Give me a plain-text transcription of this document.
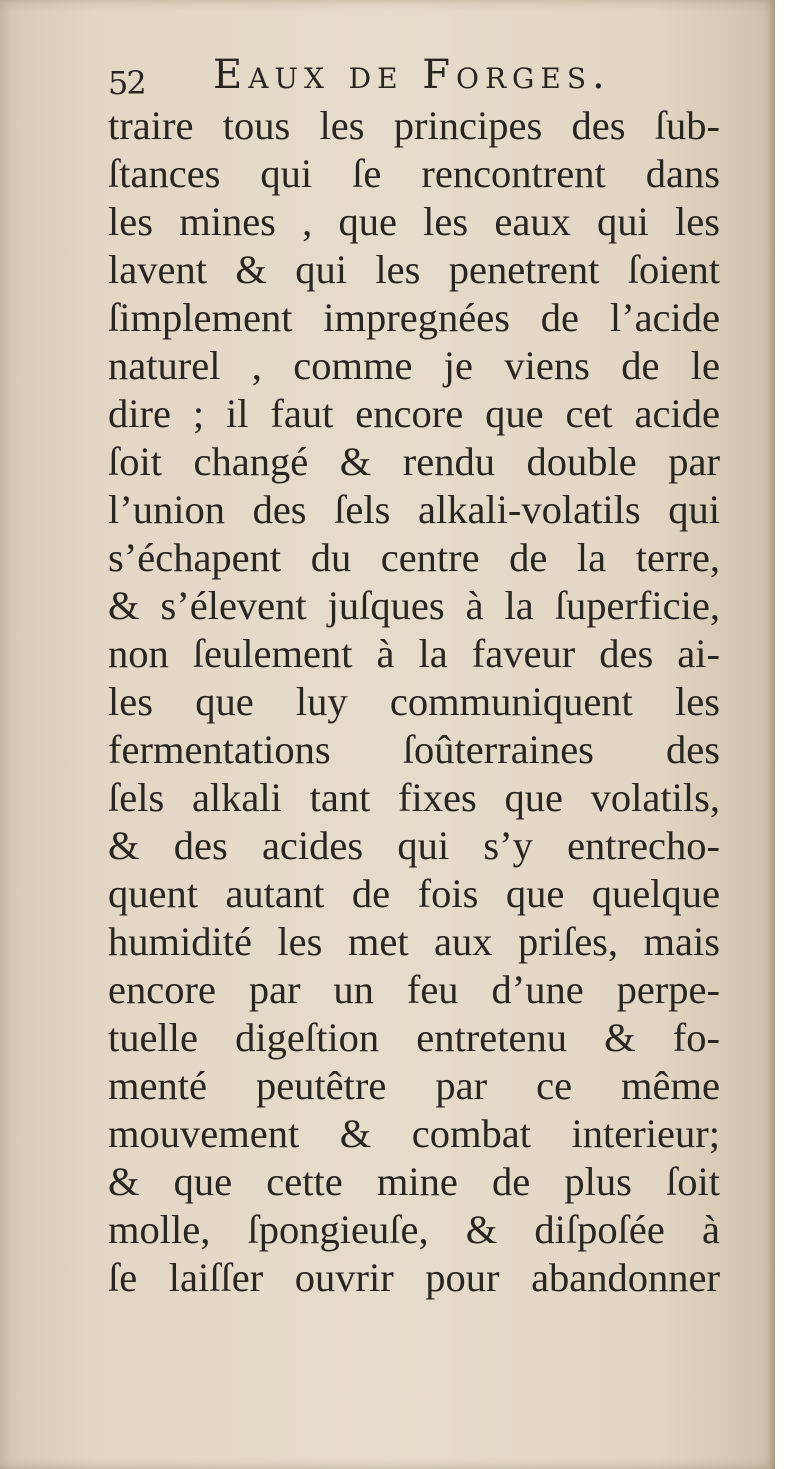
52 Eaux de Forges.
traire tous les principes des ſub-
ſtances qui ſe rencontrent dans
les mines , que les eaux qui les
lavent & qui les penetrent ſoient
ſimplement impregnées de l’acide
naturel , comme je viens de le
dire ; il faut encore que cet acide
ſoit changé & rendu double par
l’union des ſels alkali-volatils qui
s’échapent du centre de la terre,
& s’élevent juſques à la ſuperficie,
non ſeulement à la faveur des ai-
les que luy communiquent les
fermentations ſoûterraines des
ſels alkali tant fixes que volatils,
& des acides qui s’y entrecho-
quent autant de fois que quelque
humidité les met aux priſes, mais
encore par un feu d’une perpe-
tuelle digeſtion entretenu & fo-
menté peutêtre par ce même
mouvement & combat interieur;
& que cette mine de plus ſoit
molle, ſpongieuſe, & diſpoſée à
ſe laiſſer ouvrir pour abandonner
